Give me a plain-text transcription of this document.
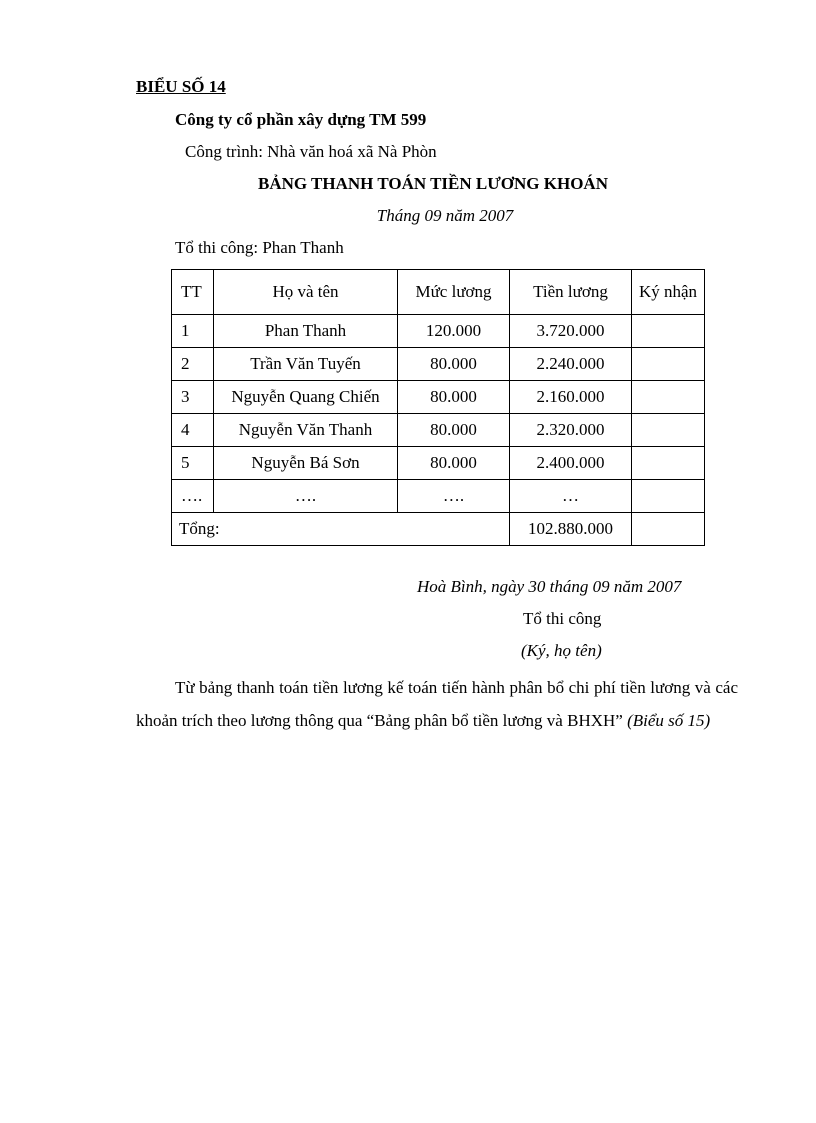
BIỂU SỐ 14
Công ty cổ phần xây dựng TM 599
Công trình: Nhà văn hoá xã Nà Phòn
BẢNG THANH TOÁN TIỀN LƯƠNG KHOÁN
Tháng 09 năm 2007
Tổ thi công: Phan Thanh
TT	Họ và tên	Mức lương	Tiền lương	Ký nhận
1	Phan Thanh	120.000	3.720.000	
2	Trần Văn Tuyến	80.000	2.240.000	
3	Nguyễn Quang Chiến	80.000	2.160.000	
4	Nguyễn Văn Thanh	80.000	2.320.000	
5	Nguyễn Bá Sơn	80.000	2.400.000	
….	….	….	…	
Tổng:			102.880.000	
Hoà Bình, ngày 30 tháng 09 năm 2007
Tổ thi công
(Ký, họ tên)
Từ bảng thanh toán tiền lương kế toán tiến hành phân bổ chi phí tiền lương và các khoản trích theo lương thông qua “Bảng phân bổ tiền lương và BHXH” (Biểu số 15)
